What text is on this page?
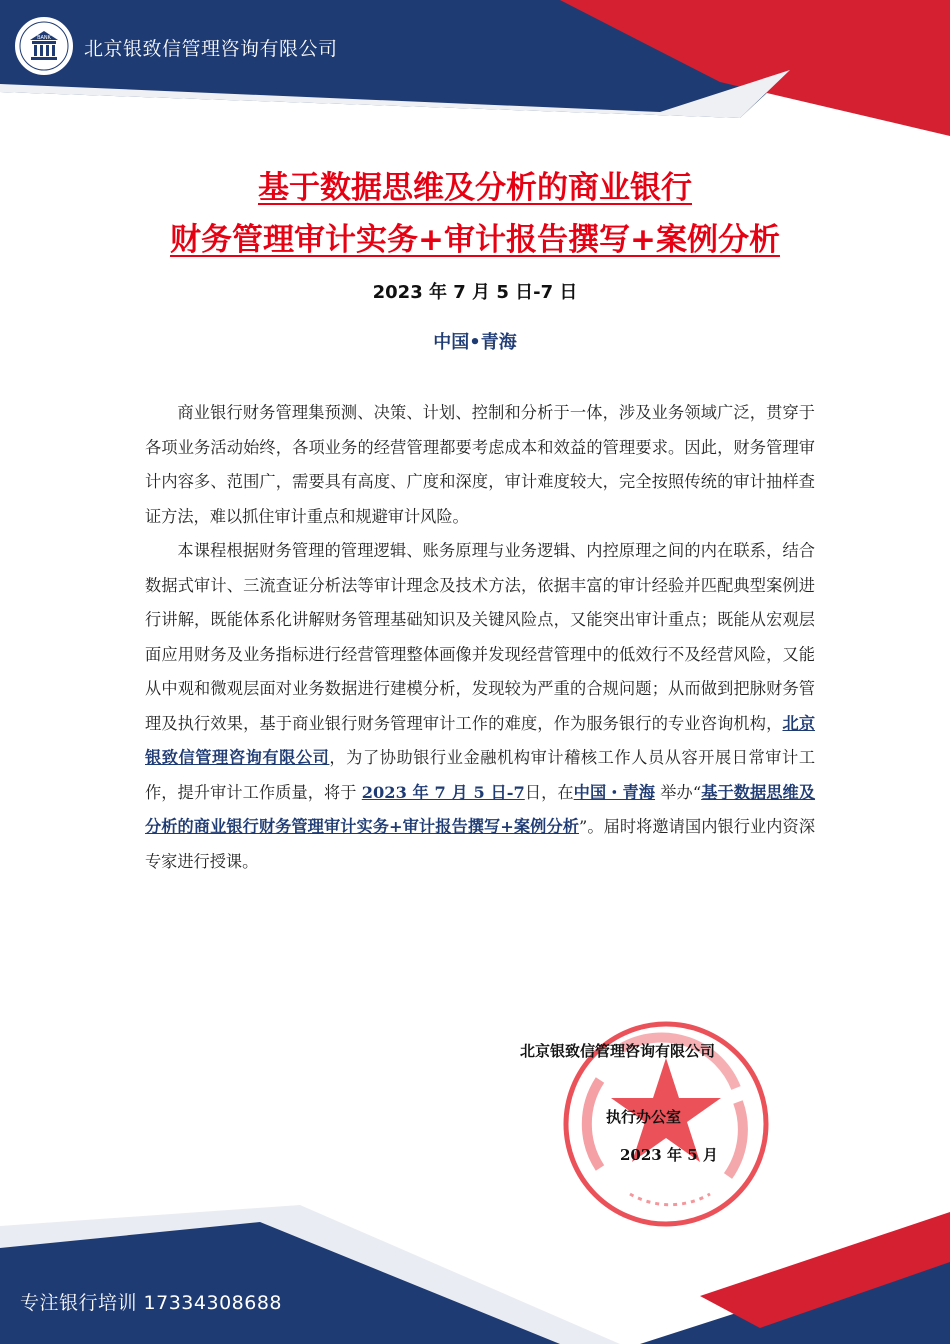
BANK 北京银致信管理咨询有限公司
基于数据思维及分析的商业银行
财务管理审计实务+审计报告撰写+案例分析
2023 年 7 月 5 日-7 日
中国•青海

商业银行财务管理集预测、决策、计划、控制和分析于一体，涉及业务领域广泛，贯穿于各项业务活动始终，各项业务的经营管理都要考虑成本和效益的管理要求。因此，财务管理审计内容多、范围广，需要具有高度、广度和深度，审计难度较大，完全按照传统的审计抽样查证方法，难以抓住审计重点和规避审计风险。

本课程根据财务管理的管理逻辑、账务原理与业务逻辑、内控原理之间的内在联系，结合数据式审计、三流查证分析法等审计理念及技术方法，依据丰富的审计经验并匹配典型案例进行讲解，既能体系化讲解财务管理基础知识及关键风险点，又能突出审计重点；既能从宏观层面应用财务及业务指标进行经营管理整体画像并发现经营管理中的低效行不及经营风险，又能从中观和微观层面对业务数据进行建模分析，发现较为严重的合规问题；从而做到把脉财务管理及执行效果，基于商业银行财务管理审计工作的难度，作为服务银行的专业咨询机构，北京银致信管理咨询有限公司，为了协助银行业金融机构审计稽核工作人员从容开展日常审计工作，提升审计工作质量，将于 2023 年 7 月 5 日-7日，在中国・青海 举办“基于数据思维及分析的商业银行财务管理审计实务+审计报告撰写+案例分析”。届时将邀请国内银行业内资深专家进行授课。

北京银致信管理咨询有限公司
执行办公室
2023 年 5 月
专注银行培训 17334308688
